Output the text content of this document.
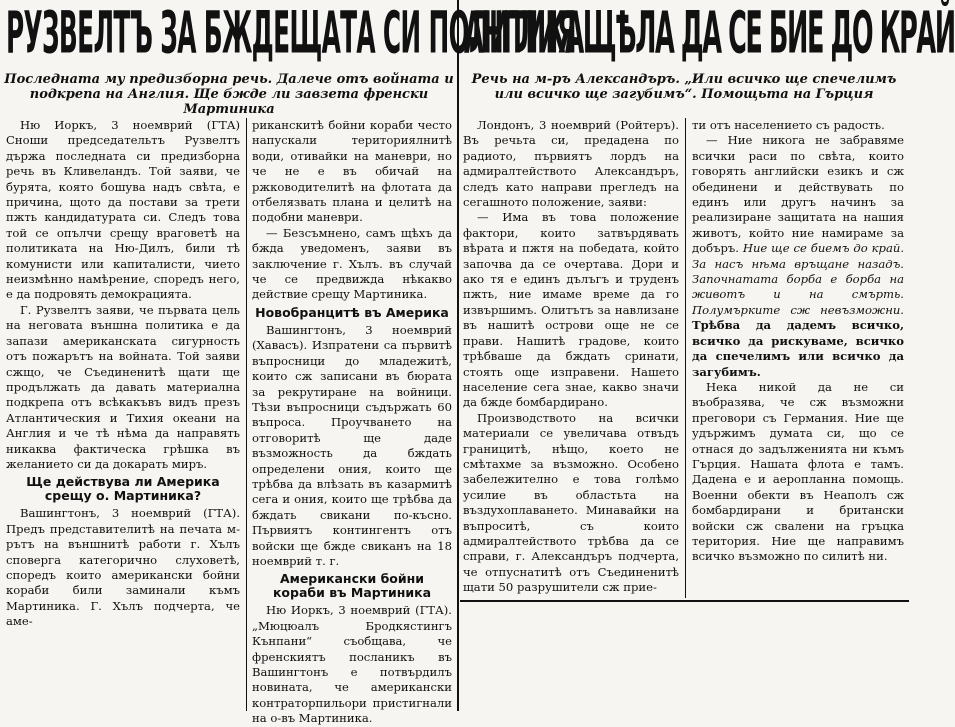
РУЗВЕЛТЪ ЗА БЖДЕЩАТА СИ ПОЛИТИКА
Последната му предизборна речь. Далече отъ войната и подкрепа на Англия. Ще бжде ли завзета френски Мартиника

Ню Иоркъ, 3 ноемврий (ГТА) Сноши председательтъ Рузвелтъ държа последната си предизборна речь въ Кливеландъ. Той заяви, че бурята, която бошува надъ свѣта, е причина, щото да постави за трети пжть кандидатурата си. Следъ това той се опълчи срещу враговетѣ на политиката на Ню-Дилъ, били тѣ комунисти или капиталисти, чието неизмѣнно намѣрение, споредъ него, е да подровять демокрацията.

Г. Рузвелтъ заяви, че първата цель на неговата външна политика е да запази американската сигурность отъ пожарътъ на войната. Той заяви сжщо, че Съединенитѣ щати ще продължать да давать материална подкрепа отъ всѣкакъвъ видъ презъ Атлантическия и Тихия океани на Англия и че тѣ нѣма да направять никаква фактическа грѣшка въ желанието си да докарать миръ.

Ще действува ли Америка срещу о. Мартиника?

Вашингтонъ, 3 ноемврий (ГТА). Предъ представителитѣ на печата м-рътъ на външнитѣ работи г. Хълъ споверга категорично слуховетѣ, споредъ които американски бойни кораби били заминали къмъ Мартиника. Г. Хълъ подчерта, че аме-

риканскитѣ бойни кораби често напускали териториялнитѣ води, отивайки на маневри, но че не е въ обичай на ржководителитѣ на флотата да отбелязвать плана и целитѣ на подобни маневри.

— Безсъмнено, самъ щѣхъ да бжда уведоменъ, заяви въ заключение г. Хълъ. въ случай че се предвижда нѣкакво действие срещу Мартиника.

Новобранцитѣ въ Америка

Вашингтонъ, 3 ноемврий (Хавасъ). Изпратени са първитѣ въпросници до младежитѣ, които сж записани въ бюрата за рекрутиране на войници. Тѣзи въпросници съдържать 60 въпроса. Проучването на отговоритѣ ще даде възможность да бждать определени ония, които ще трѣбва да влѣзать въ казармитѣ сега и ония, които ще трѣбва да бждать свикани по-късно. Първиятъ контингентъ отъ войски ще бжде свиканъ на 18 ноемврий т. г.

Американски бойни кораби въ Мартиника

Ню Иоркъ, 3 ноемврий (ГТА). „Мюцюалъ Бродкястингъ Кънпани“ съобщава, че френскиятъ посланикъ въ Вашингтонъ е потвърдилъ новината, че американски контраторпильори пристигнали на о-въ Мартиника.

АНГЛИЯ ЩѢЛА ДА СЕ БИЕ ДО КРАЙ
Речь на м-ръ Александъръ. „Или всичко ще спечелимъ или всичко ще загубимъ“. Помощьта на Гърция

Лондонъ, 3 ноемврий (Ройтеръ). Въ речьта си, предадена по радиото, първиятъ лордъ на адмиралтейството Александъръ, следъ като направи прегледъ на сегашното положение, заяви:

— Има въ това положение фактори, които затвърдявать вѣрата и пжтя на победата, който започва да се очертава. Дори и ако тя е единъ дълъгъ и труденъ пжть, ние имаме време да го извършимъ. Олитътъ за навлизане въ нашитѣ острови още не се прави. Нашитѣ градове, които трѣбваше да бждать сринати, стоять още изправени. Нашето население сега знае, какво значи да бжде бомбардирано.

Производството на всички материали се увеличава отвъдъ границитѣ, нѣщо, което не смѣтахме за възможно. Особено забележително е това голѣмо усилие въ областьта на въздухоплаването. Минавайки на въпроситѣ, съ които адмиралтейството трѣбва да се справи, г. Александъръ подчерта, че отпуснатитѣ отъ Съединенитѣ щати 50 разрушители сж прие-

ти отъ населението съ радость.

— Ние никога не забравяме всички раси по свѣта, които говорять английски езикъ и сж обединени и действувать по единъ или другъ начинъ за реализиране защитата на нашия животъ, който ние намираме за добъръ. Ние ще се биемъ до край. За насъ нѣма връщане назадъ. Започнатата борба е борба на животъ и на смърть. Полумърките сж невъзможни. Трѣбва да дадемъ всичко, всичко да рискуваме, всичко да спечелимъ или всичко да загубимъ.

Нека никой да не си въобразява, че сж възможни преговори съ Германия. Ние ще удържимъ думата си, що се отнася до задълженията ни къмъ Гърция. Нашата флота е тамъ. Дадена е и аеропланна помощь. Военни обекти въ Неаполъ сж бомбардирани и британски войски сж свалени на гръцка територия. Ние ще направимъ всичко възможно по силитѣ ни.
